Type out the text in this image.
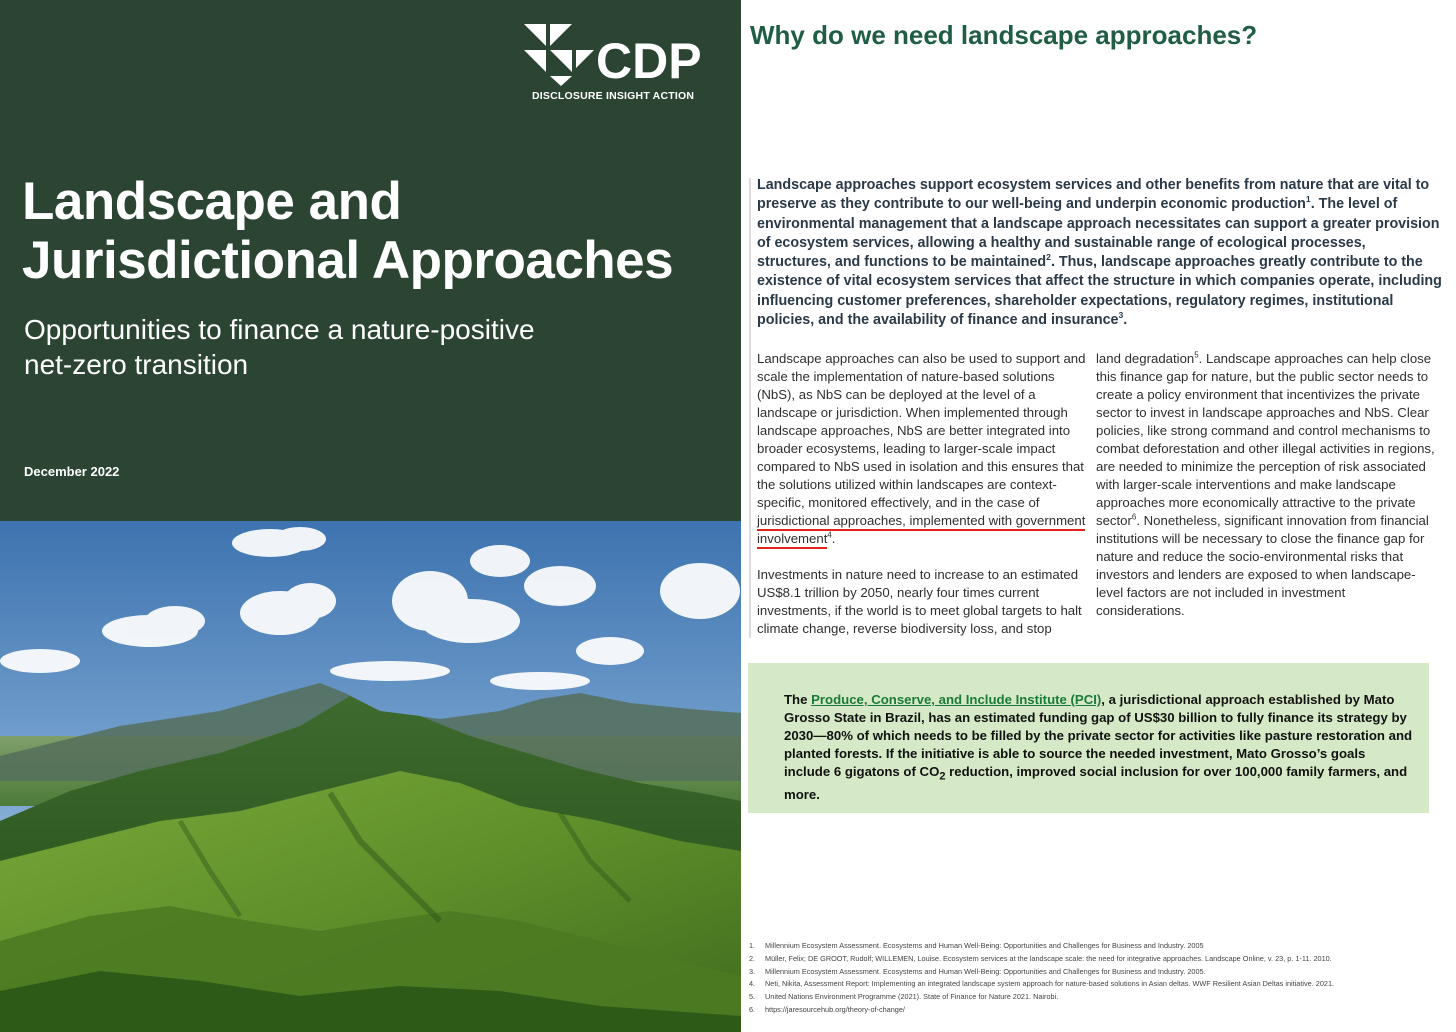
CDP
DISCLOSURE INSIGHT ACTION
Landscape and
Jurisdictional Approaches
Opportunities to finance a nature-positive
net-zero transition
December 2022
Why do we need landscape approaches?

Landscape approaches support ecosystem services and other benefits from nature that are vital to preserve as they contribute to our well-being and underpin economic production$^1$. The level of environmental management that a landscape approach necessitates can support a greater provision of ecosystem services, allowing a healthy and sustainable range of ecological processes, structures, and functions to be maintained$^2$. Thus, landscape approaches greatly contribute to the existence of vital ecosystem services that affect the structure in which companies operate, including influencing customer preferences, shareholder expectations, regulatory regimes, institutional policies, and the availability of finance and insurance$^3$.

Landscape approaches can also be used to support and scale the implementation of nature-based solutions (NbS), as NbS can be deployed at the level of a landscape or jurisdiction. When implemented through landscape approaches, NbS are better integrated into broader ecosystems, leading to larger-scale impact compared to NbS used in isolation and this ensures that the solutions utilized within landscapes are context-specific, monitored effectively, and in the case of jurisdictional approaches, implemented with government involvement$^4$.

Investments in nature need to increase to an estimated US$8.1 trillion by 2050, nearly four times current investments, if the world is to meet global targets to halt climate change, reverse biodiversity loss, and stop

land degradation$^5$. Landscape approaches can help close this finance gap for nature, but the public sector needs to create a policy environment that incentivizes the private sector to invest in landscape approaches and NbS. Clear policies, like strong command and control mechanisms to combat deforestation and other illegal activities in regions, are needed to minimize the perception of risk associated with larger-scale interventions and make landscape approaches more economically attractive to the private sector$^6$. Nonetheless, significant innovation from financial institutions will be necessary to close the finance gap for nature and reduce the socio-environmental risks that investors and lenders are exposed to when landscape-level factors are not included in investment considerations.

The Produce, Conserve, and Include Institute (PCI), a jurisdictional approach established by Mato Grosso State in Brazil, has an estimated funding gap of US$30 billion to fully finance its strategy by 2030—80% of which needs to be filled by the private sector for activities like pasture restoration and planted forests. If the initiative is able to source the needed investment, Mato Grosso’s goals include 6 gigatons of $CO_2$ reduction, improved social inclusion for over 100,000 family farmers, and more.

1. Millennium Ecosystem Assessment. Ecosystems and Human Well-Being: Opportunities and Challenges for Business and Industry. 2005
2. Müller, Felix; DE GROOT, Rudolf; WILLEMEN, Louise. Ecosystem services at the landscape scale: the need for integrative approaches. Landscape Online, v. 23, p. 1-11. 2010.
3. Millennium Ecosystem Assessment. Ecosystems and Human Well-Being: Opportunities and Challenges for Business and Industry. 2005.
4. Neti, Nikita, Assessment Report: Implementing an integrated landscape system approach for nature-based solutions in Asian deltas. WWF Resilient Asian Deltas initiative. 2021.
5. United Nations Environment Programme (2021). State of Finance for Nature 2021. Nairobi.
6. https://jaresourcehub.org/theory-of-change/
